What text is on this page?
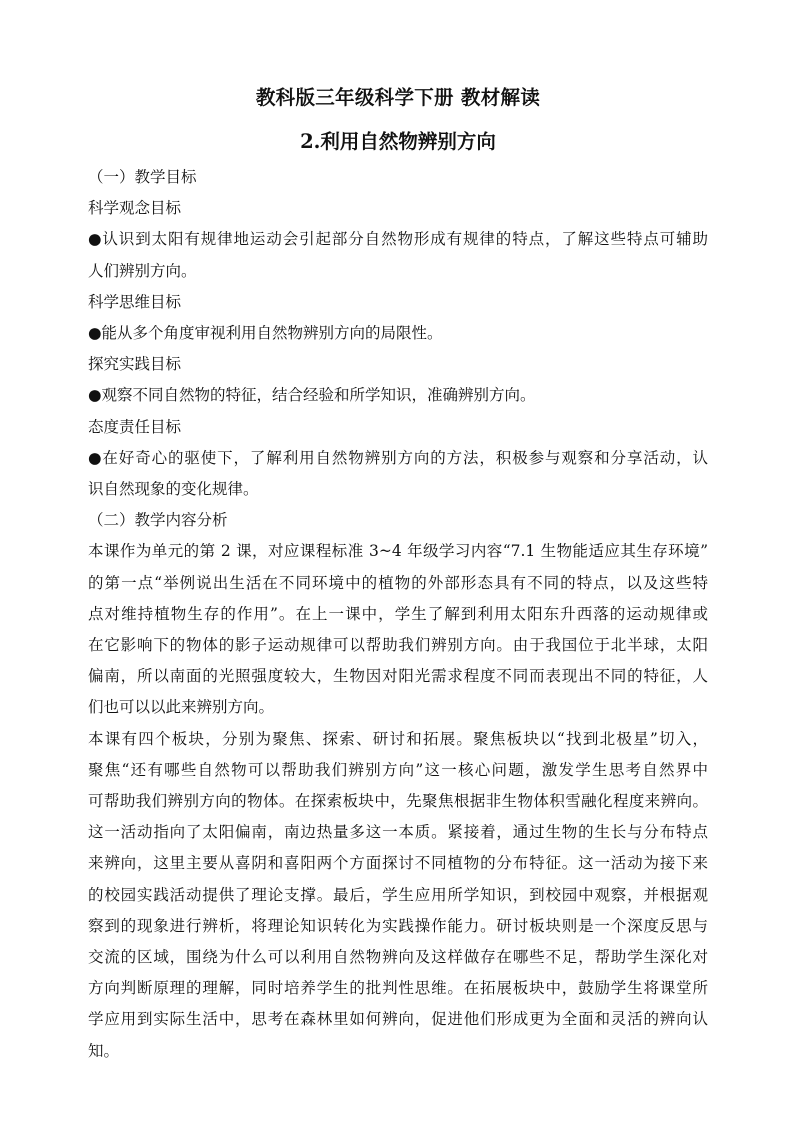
教科版三年级科学下册 教材解读
2.利用自然物辨别方向

（一）教学目标

科学观念目标

●认识到太阳有规律地运动会引起部分自然物形成有规律的特点，了解这些特点可辅助
人们辨别方向。

科学思维目标

●能从多个角度审视利用自然物辨别方向的局限性。

探究实践目标

●观察不同自然物的特征，结合经验和所学知识，准确辨别方向。

态度责任目标

●在好奇心的驱使下，了解利用自然物辨别方向的方法，积极参与观察和分享活动，认
识自然现象的变化规律。

（二）教学内容分析

本课作为单元的第 2 课，对应课程标准 3~4 年级学习内容“7.1 生物能适应其生存环境”
的第一点“举例说出生活在不同环境中的植物的外部形态具有不同的特点，以及这些特
点对维持植物生存的作用”。在上一课中，学生了解到利用太阳东升西落的运动规律或
在它影响下的物体的影子运动规律可以帮助我们辨别方向。由于我国位于北半球，太阳
偏南，所以南面的光照强度较大，生物因对阳光需求程度不同而表现出不同的特征，人
们也可以以此来辨别方向。
本课有四个板块，分别为聚焦、探索、研讨和拓展。聚焦板块以“找到北极星”切入，
聚焦“还有哪些自然物可以帮助我们辨别方向”这一核心问题，激发学生思考自然界中
可帮助我们辨别方向的物体。在探索板块中，先聚焦根据非生物体积雪融化程度来辨向。
这一活动指向了太阳偏南，南边热量多这一本质。紧接着，通过生物的生长与分布特点
来辨向，这里主要从喜阴和喜阳两个方面探讨不同植物的分布特征。这一活动为接下来
的校园实践活动提供了理论支撑。最后，学生应用所学知识，到校园中观察，并根据观
察到的现象进行辨析，将理论知识转化为实践操作能力。研讨板块则是一个深度反思与
交流的区域，围绕为什么可以利用自然物辨向及这样做存在哪些不足，帮助学生深化对
方向判断原理的理解，同时培养学生的批判性思维。在拓展板块中，鼓励学生将课堂所
学应用到实际生活中，思考在森林里如何辨向，促进他们形成更为全面和灵活的辨向认
知。
